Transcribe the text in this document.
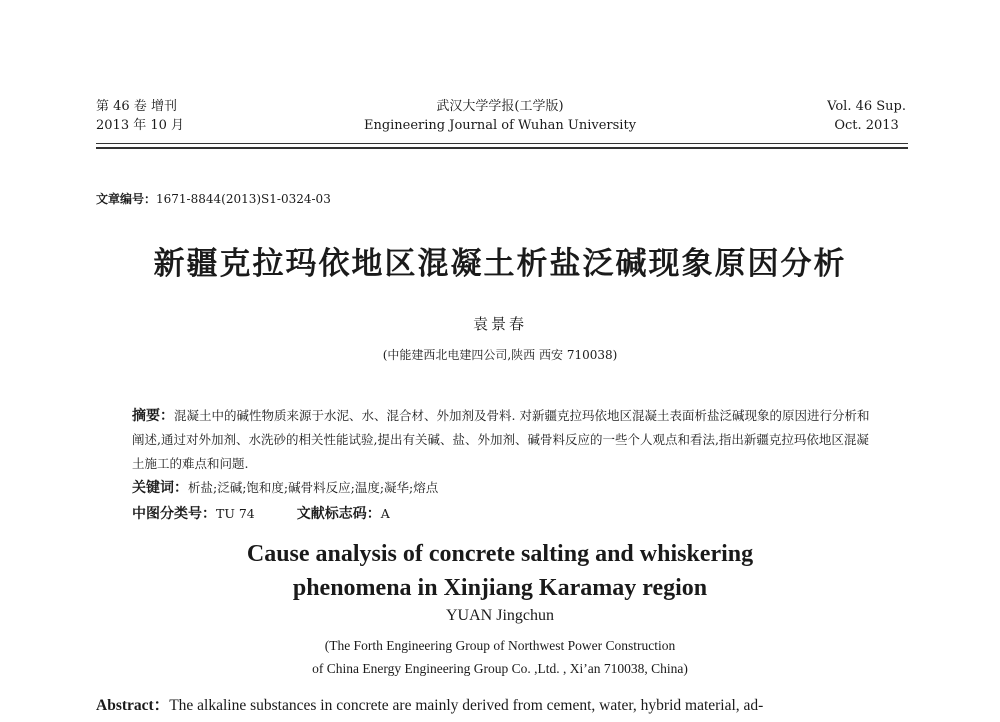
第 46 卷 增刊
2013 年 10 月
武汉大学学报(工学版)
Engineering Journal of Wuhan University
Vol. 46 Sup.
Oct. 2013
文章编号：1671-8844(2013)S1-0324-03
新疆克拉玛依地区混凝土析盐泛碱现象原因分析
袁景春
(中能建西北电建四公司,陕西 西安 710038)
摘要：混凝土中的碱性物质来源于水泥、水、混合材、外加剂及骨料. 对新疆克拉玛依地区混凝土表面析盐泛碱现象的原因进行分析和阐述,通过对外加剂、水洗砂的相关性能试验,提出有关碱、盐、外加剂、碱骨料反应的一些个人观点和看法,指出新疆克拉玛依地区混凝土施工的难点和问题.
关键词：析盐;泛碱;饱和度;碱骨料反应;温度;凝华;熔点
中图分类号：TU 74	文献标志码：A
Cause analysis of concrete salting and whiskering
phenomena in Xinjiang Karamay region
YUAN Jingchun
(The Forth Engineering Group of Northwest Power Construction
of China Energy Engineering Group Co. ,Ltd. , Xi’an 710038, China)
Abstract：The alkaline substances in concrete are mainly derived from cement, water, hybrid material, ad-
